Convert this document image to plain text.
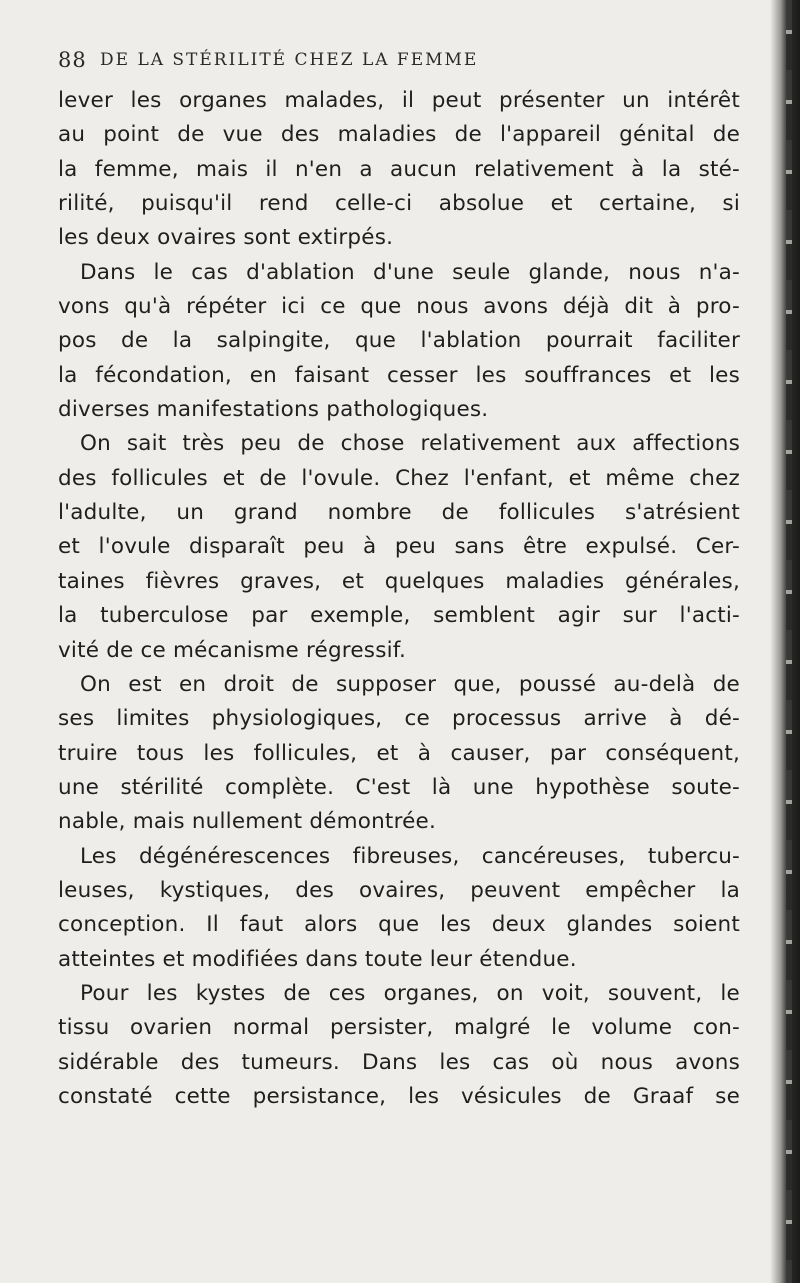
88 DE LA STÉRILITÉ CHEZ LA FEMME
lever les organes malades, il peut présenter un intérêt
au point de vue des maladies de l'appareil génital de
la femme, mais il n'en a aucun relativement à la sté-
rilité, puisqu'il rend celle-ci absolue et certaine, si
les deux ovaires sont extirpés.
Dans le cas d'ablation d'une seule glande, nous n'a-
vons qu'à répéter ici ce que nous avons déjà dit à pro-
pos de la salpingite, que l'ablation pourrait faciliter
la fécondation, en faisant cesser les souffrances et les
diverses manifestations pathologiques.
On sait très peu de chose relativement aux affections
des follicules et de l'ovule. Chez l'enfant, et même chez
l'adulte, un grand nombre de follicules s'atrésient
et l'ovule disparaît peu à peu sans être expulsé. Cer-
taines fièvres graves, et quelques maladies générales,
la tuberculose par exemple, semblent agir sur l'acti-
vité de ce mécanisme régressif.
On est en droit de supposer que, poussé au-delà de
ses limites physiologiques, ce processus arrive à dé-
truire tous les follicules, et à causer, par conséquent,
une stérilité complète. C'est là une hypothèse soute-
nable, mais nullement démontrée.
Les dégénérescences fibreuses, cancéreuses, tubercu-
leuses, kystiques, des ovaires, peuvent empêcher la
conception. Il faut alors que les deux glandes soient
atteintes et modifiées dans toute leur étendue.
Pour les kystes de ces organes, on voit, souvent, le
tissu ovarien normal persister, malgré le volume con-
sidérable des tumeurs. Dans les cas où nous avons
constaté cette persistance, les vésicules de Graaf se
